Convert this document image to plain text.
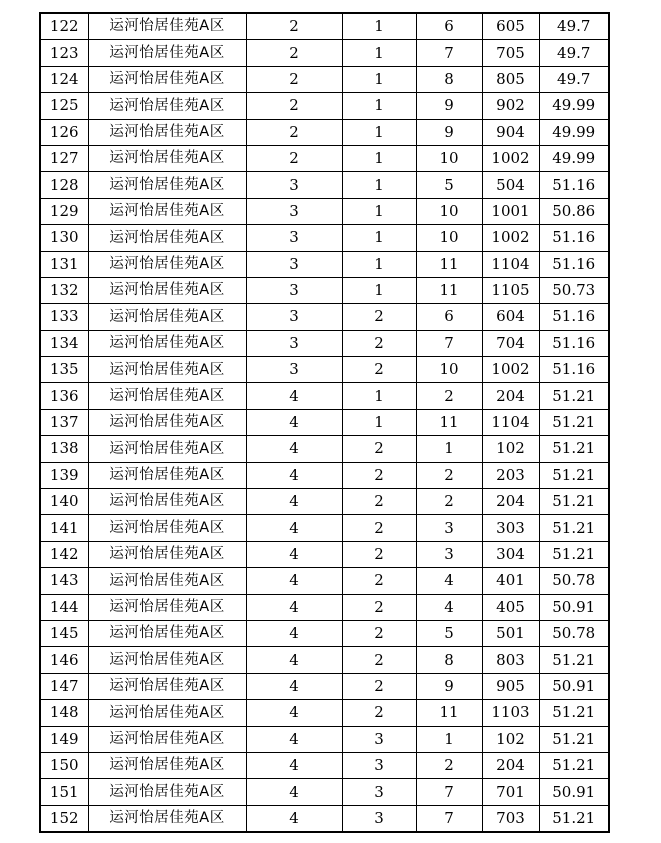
122	运河怡居佳苑A区	2	1	6	605	49.7
123	运河怡居佳苑A区	2	1	7	705	49.7
124	运河怡居佳苑A区	2	1	8	805	49.7
125	运河怡居佳苑A区	2	1	9	902	49.99
126	运河怡居佳苑A区	2	1	9	904	49.99
127	运河怡居佳苑A区	2	1	10	1002	49.99
128	运河怡居佳苑A区	3	1	5	504	51.16
129	运河怡居佳苑A区	3	1	10	1001	50.86
130	运河怡居佳苑A区	3	1	10	1002	51.16
131	运河怡居佳苑A区	3	1	11	1104	51.16
132	运河怡居佳苑A区	3	1	11	1105	50.73
133	运河怡居佳苑A区	3	2	6	604	51.16
134	运河怡居佳苑A区	3	2	7	704	51.16
135	运河怡居佳苑A区	3	2	10	1002	51.16
136	运河怡居佳苑A区	4	1	2	204	51.21
137	运河怡居佳苑A区	4	1	11	1104	51.21
138	运河怡居佳苑A区	4	2	1	102	51.21
139	运河怡居佳苑A区	4	2	2	203	51.21
140	运河怡居佳苑A区	4	2	2	204	51.21
141	运河怡居佳苑A区	4	2	3	303	51.21
142	运河怡居佳苑A区	4	2	3	304	51.21
143	运河怡居佳苑A区	4	2	4	401	50.78
144	运河怡居佳苑A区	4	2	4	405	50.91
145	运河怡居佳苑A区	4	2	5	501	50.78
146	运河怡居佳苑A区	4	2	8	803	51.21
147	运河怡居佳苑A区	4	2	9	905	50.91
148	运河怡居佳苑A区	4	2	11	1103	51.21
149	运河怡居佳苑A区	4	3	1	102	51.21
150	运河怡居佳苑A区	4	3	2	204	51.21
151	运河怡居佳苑A区	4	3	7	701	50.91
152	运河怡居佳苑A区	4	3	7	703	51.21
